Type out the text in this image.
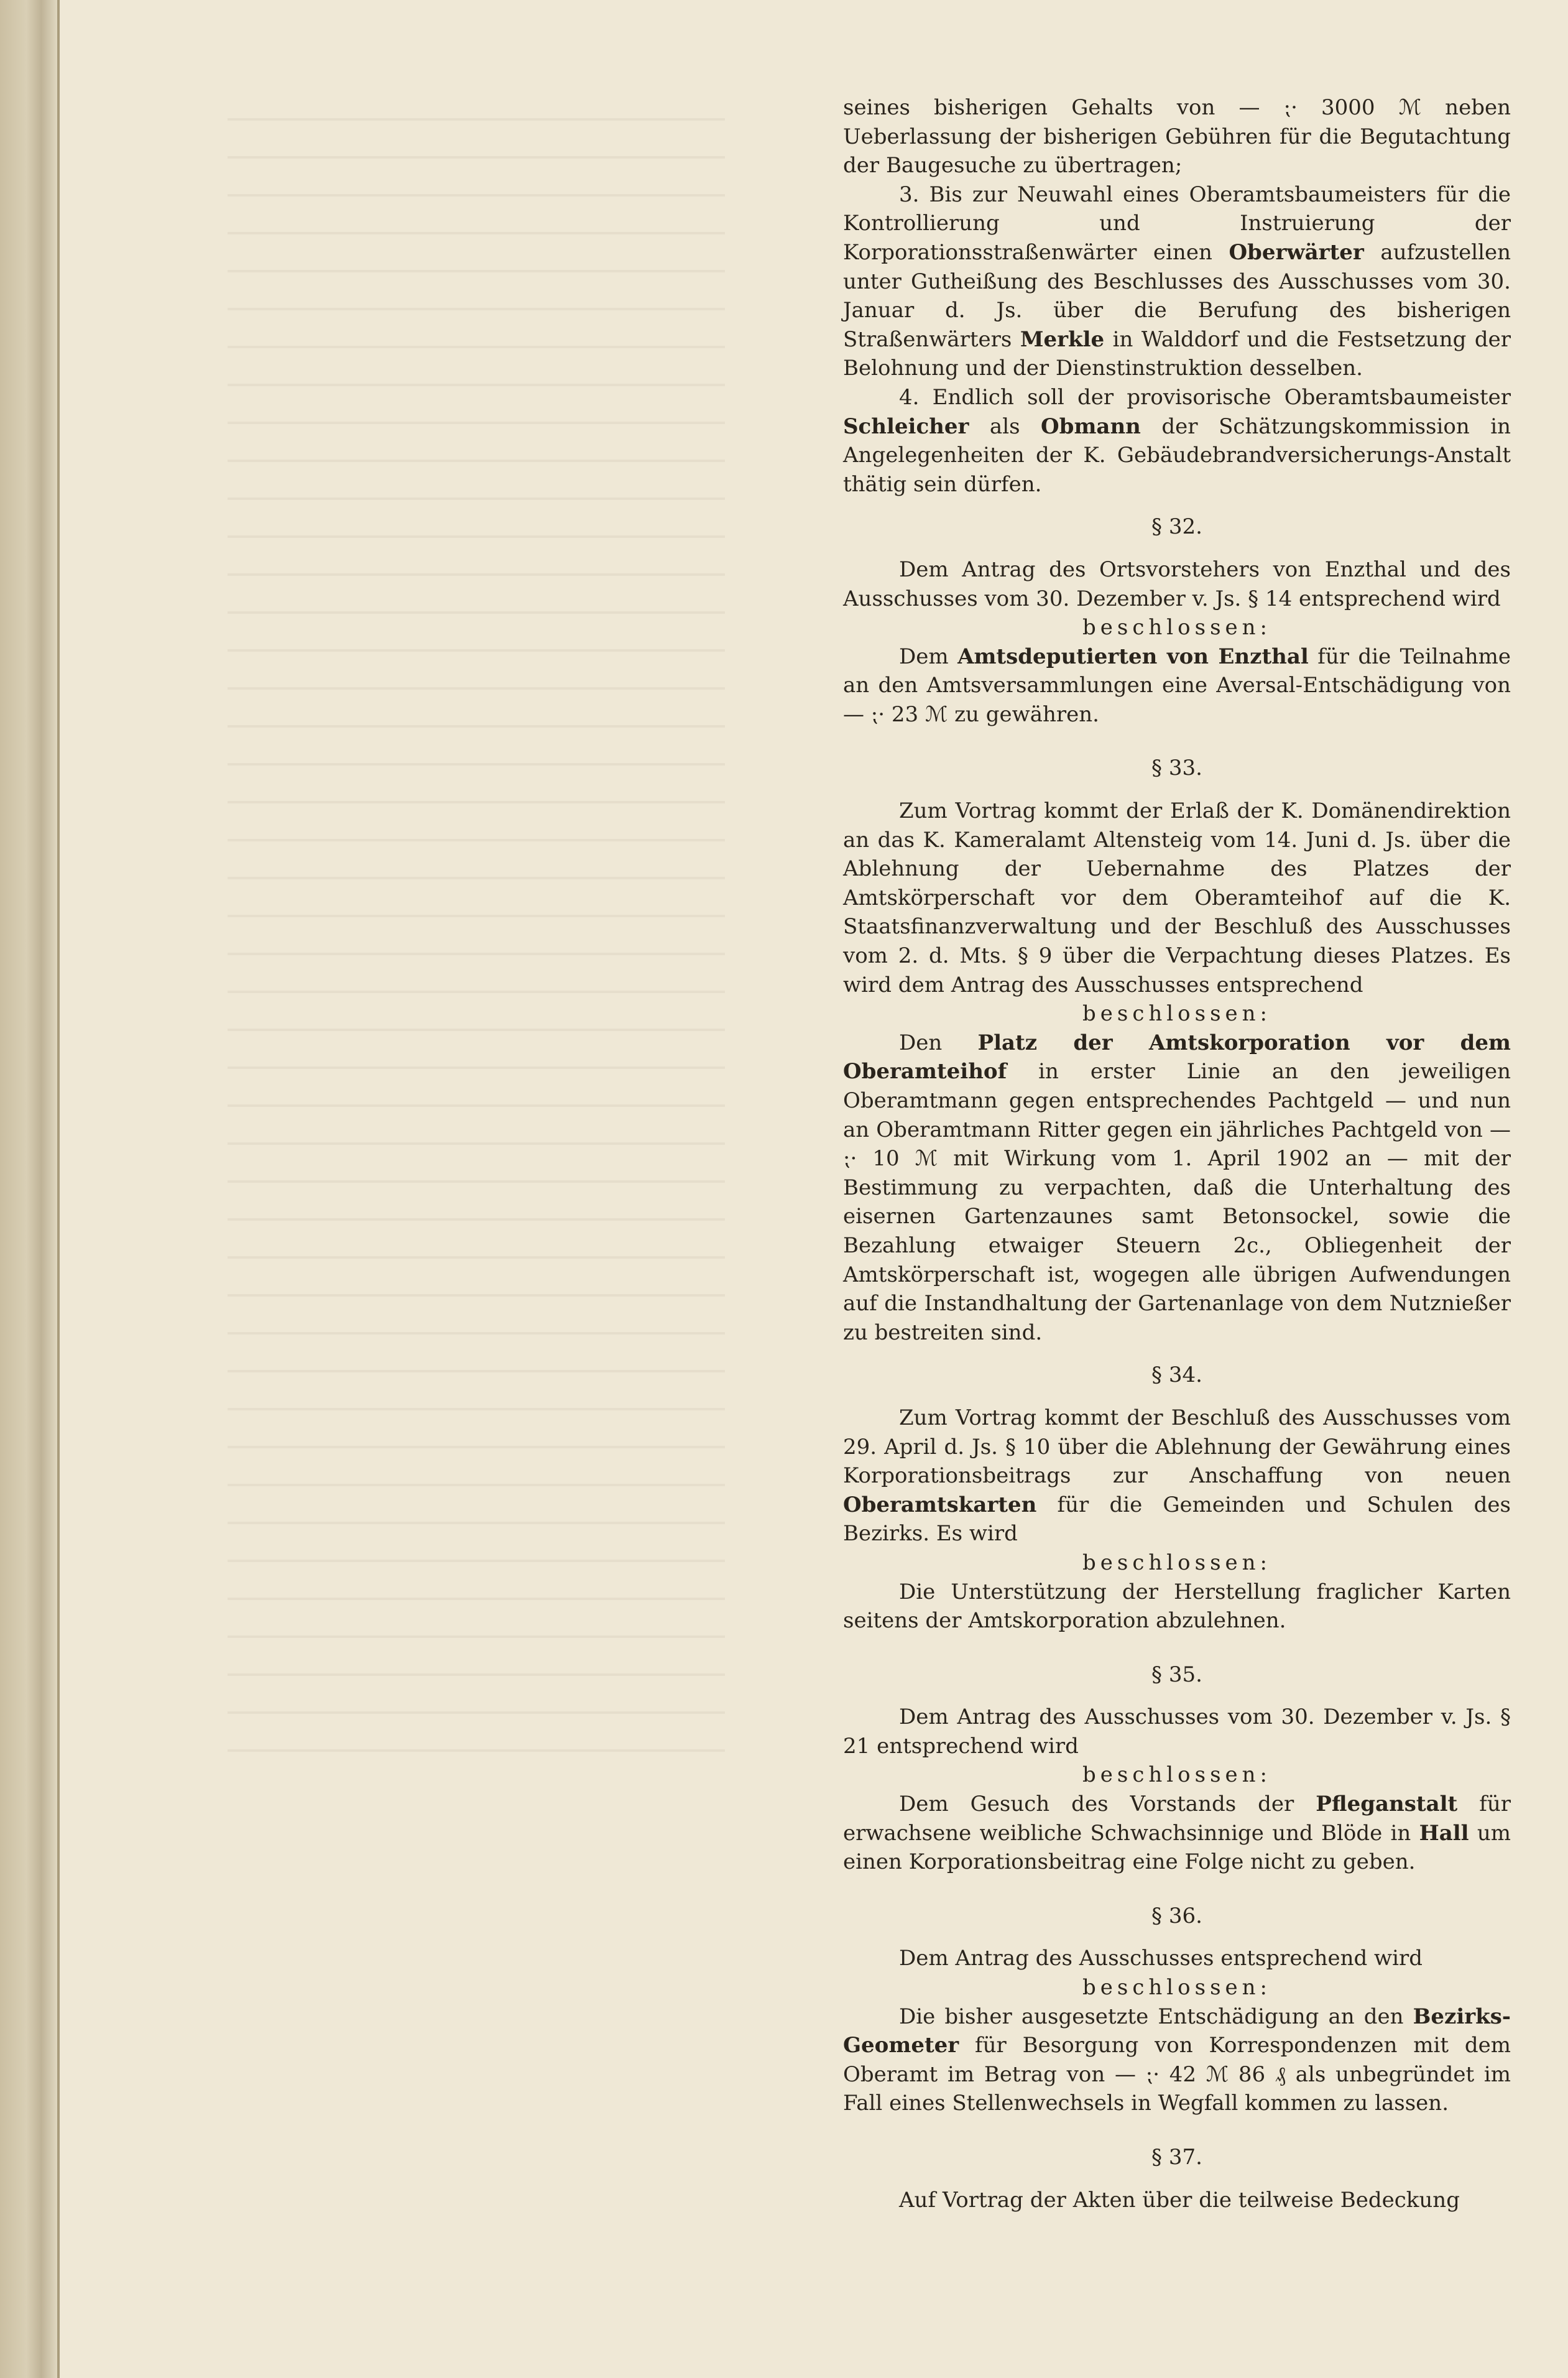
seines bisherigen Gehalts von — ⁏· 3000 ℳ neben Ueberlassung der bisherigen Gebühren für die Begutachtung der Baugesuche zu übertragen;

3. Bis zur Neuwahl eines Oberamtsbaumeisters für die Kontrollierung und Instruierung der Korporationsstraßenwärter einen Oberwärter aufzustellen unter Gutheißung des Beschlusses des Ausschusses vom 30. Januar d. Js. über die Berufung des bisherigen Straßenwärters Merkle in Walddorf und die Festsetzung der Belohnung und der Dienstinstruktion desselben.

4. Endlich soll der provisorische Oberamtsbaumeister Schleicher als Obmann der Schätzungskommission in Angelegenheiten der K. Gebäudebrandversicherungs-Anstalt thätig sein dürfen.

§ 32.

Dem Antrag des Ortsvorstehers von Enzthal und des Ausschusses vom 30. Dezember v. Js. § 14 entsprechend wird

beschlossen:

Dem Amtsdeputierten von Enzthal für die Teilnahme an den Amtsversammlungen eine Aversal-Entschädigung von — ⁏· 23 ℳ zu gewähren.

§ 33.

Zum Vortrag kommt der Erlaß der K. Domänendirektion an das K. Kameralamt Altensteig vom 14. Juni d. Js. über die Ablehnung der Uebernahme des Platzes der Amtskörperschaft vor dem Oberamteihof auf die K. Staatsfinanzverwaltung und der Beschluß des Ausschusses vom 2. d. Mts. § 9 über die Verpachtung dieses Platzes. Es wird dem Antrag des Ausschusses entsprechend

beschlossen:

Den Platz der Amtskorporation vor dem Oberamteihof in erster Linie an den jeweiligen Oberamtmann gegen entsprechendes Pachtgeld — und nun an Oberamtmann Ritter gegen ein jährliches Pachtgeld von — ⁏· 10 ℳ mit Wirkung vom 1. April 1902 an — mit der Bestimmung zu verpachten, daß die Unterhaltung des eisernen Gartenzaunes samt Betonsockel, sowie die Bezahlung etwaiger Steuern 2c., Obliegenheit der Amtskörperschaft ist, wogegen alle übrigen Aufwendungen auf die Instandhaltung der Gartenanlage von dem Nutznießer zu bestreiten sind.

§ 34.

Zum Vortrag kommt der Beschluß des Ausschusses vom 29. April d. Js. § 10 über die Ablehnung der Gewährung eines Korporationsbeitrags zur Anschaffung von neuen Oberamtskarten für die Gemeinden und Schulen des Bezirks. Es wird

beschlossen:

Die Unterstützung der Herstellung fraglicher Karten seitens der Amtskorporation abzulehnen.

§ 35.

Dem Antrag des Ausschusses vom 30. Dezember v. Js. § 21 entsprechend wird

beschlossen:

Dem Gesuch des Vorstands der Pfleganstalt für erwachsene weibliche Schwachsinnige und Blöde in Hall um einen Korporationsbeitrag eine Folge nicht zu geben.

§ 36.

Dem Antrag des Ausschusses entsprechend wird

beschlossen:

Die bisher ausgesetzte Entschädigung an den Bezirks-Geometer für Besorgung von Korrespondenzen mit dem Oberamt im Betrag von — ⁏· 42 ℳ 86 ₰ als unbegründet im Fall eines Stellenwechsels in Wegfall kommen zu lassen.

§ 37.

Auf Vortrag der Akten über die teilweise Bedeckung
